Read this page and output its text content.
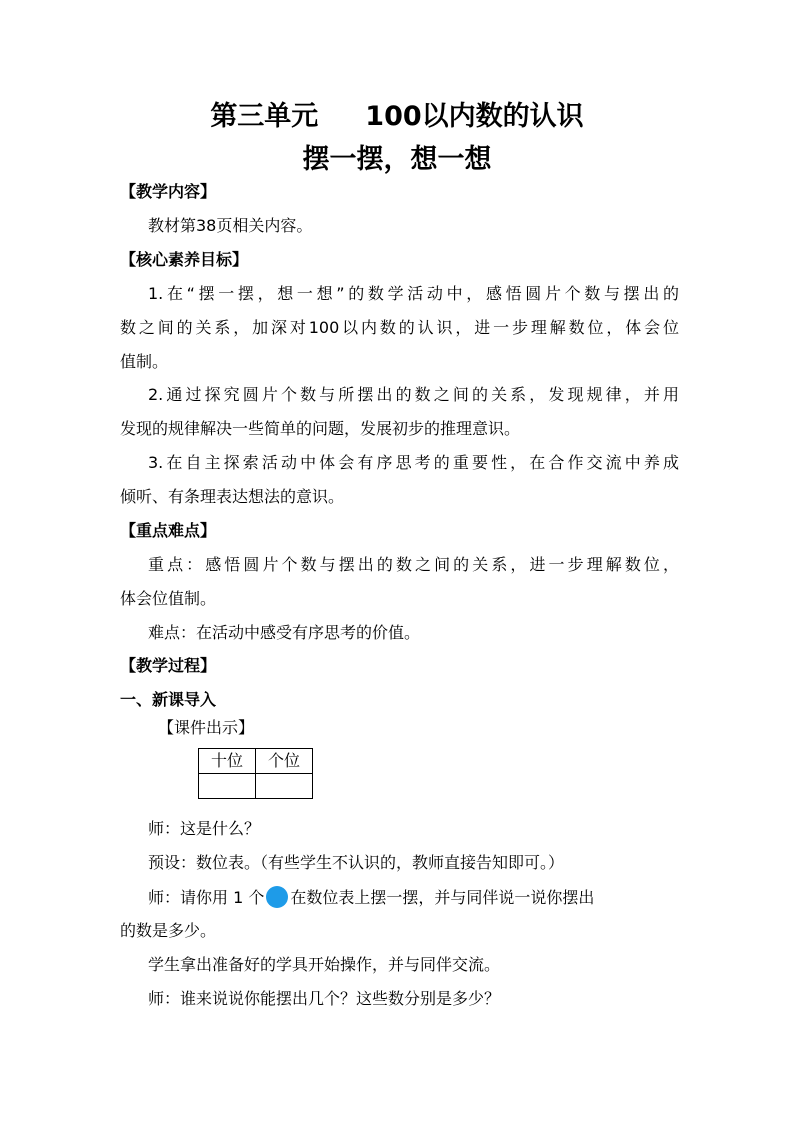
第三单元     100以内数的认识
摆一摆，想一想
【教学内容】
教材第38页相关内容。
【核心素养目标】
1.在“摆一摆，想一想”的数学活动中，感悟圆片个数与摆出的
数之间的关系，加深对100以内数的认识，进一步理解数位，体会位
值制。
2.通过探究圆片个数与所摆出的数之间的关系，发现规律，并用
发现的规律解决一些简单的问题，发展初步的推理意识。
3.在自主探索活动中体会有序思考的重要性，在合作交流中养成
倾听、有条理表达想法的意识。
【重点难点】
重点：感悟圆片个数与摆出的数之间的关系，进一步理解数位，
体会位值制。
难点：在活动中感受有序思考的价值。
【教学过程】
一、新课导入
【课件出示】
十位	个位

师：这是什么？
预设：数位表。（有些学生不认识的，教师直接告知即可。）
师：请你用 1 个 在数位表上摆一摆，并与同伴说一说你摆出
的数是多少。
学生拿出准备好的学具开始操作，并与同伴交流。
师：谁来说说你能摆出几个？这些数分别是多少？
